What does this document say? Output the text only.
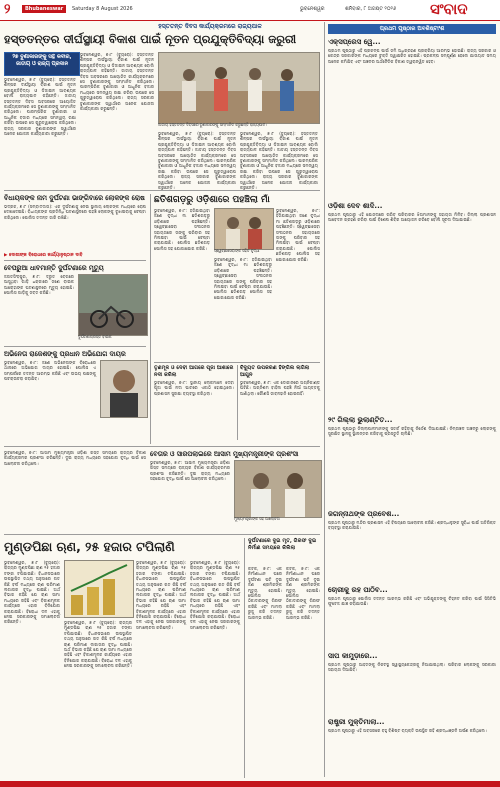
୨	Bhubaneswar	Saturday 8 August 2026	ଭୁବନେଶ୍ୱର	ଶନିବାର, ୮ ଅଗଷ୍ଟ ୨୦୨୬ ସଂବାଦ
ହସ୍ତତନ୍ତ ଦିବସ କାର୍ଯ୍ୟକ୍ରମରେ ରାଜ୍ୟପାଳ
ହସ୍ତତନ୍ତର ଦୀର୍ଘସ୍ଥାୟୀ ବିକାଶ ପାଇଁ ନୂତନ ପ୍ରଯୁକ୍ତିବିଦ୍ୟା ଜରୁରୀ
୨୭ ବୁଣାକାରଙ୍କୁ ସନ୍ଥ କବୀର, ଜାତୀୟ ଓ ରାଜ୍ୟ ପ୍ରଦାନ
ଭୁବନେଶ୍ୱର, ୭।୮ (ବ୍ୟୁରୋ): ହସ୍ତତନ୍ତ ଶିଳ୍ପର ଦୀର୍ଘସ୍ଥାୟୀ ବିକାଶ ପାଇଁ ନୂତନ ପ୍ରଯୁକ୍ତିବିଦ୍ୟା ଓ ଡିଜାଇନ ଆବଶ୍ୟକ ବୋଲି ରାଜ୍ୟପାଳ କହିଛନ୍ତି। ଜାତୀୟ ହସ୍ତତନ୍ତ ଦିବସ ଅବସରରେ ଆୟୋଜିତ କାର୍ଯ୍ୟକ୍ରମରେ ସେ ବୁଣାକାରଙ୍କୁ ସମ୍ମାନିତ କରିଥିଲେ। ପାରମ୍ପରିକ ବୁଣାକାରୀ ଓ ଆଧୁନିକ ବଜାର ମଧ୍ୟରେ ସମନ୍ୱୟ ରକ୍ଷା କରିବା ଉପରେ ସେ ଗୁରୁତ୍ୱାରୋପ କରିଥିଲେ। ରାଜ୍ୟ ସରକାର ବୁଣାକାରଙ୍କ ସ୍ୱାର୍ଥରେ ଅନେକ ଯୋଜନା କାର୍ଯ୍ୟକାରୀ କରୁଛନ୍ତି।
ଭୁବନେଶ୍ୱର, ୭।୮ (ବ୍ୟୁରୋ): ହସ୍ତତନ୍ତ ଶିଳ୍ପର ଦୀର୍ଘସ୍ଥାୟୀ ବିକାଶ ପାଇଁ ନୂତନ ପ୍ରଯୁକ୍ତିବିଦ୍ୟା ଓ ଡିଜାଇନ ଆବଶ୍ୟକ ବୋଲି ରାଜ୍ୟପାଳ କହିଛନ୍ତି। ଜାତୀୟ ହସ୍ତତନ୍ତ ଦିବସ ଅବସରରେ ଆୟୋଜିତ କାର୍ଯ୍ୟକ୍ରମରେ ସେ ବୁଣାକାରଙ୍କୁ ସମ୍ମାନିତ କରିଥିଲେ। ପାରମ୍ପରିକ ବୁଣାକାରୀ ଓ ଆଧୁନିକ ବଜାର ମଧ୍ୟରେ ସମନ୍ୱୟ ରକ୍ଷା କରିବା ଉପରେ ସେ ଗୁରୁତ୍ୱାରୋପ କରିଥିଲେ। ରାଜ୍ୟ ସରକାର ବୁଣାକାରଙ୍କ ସ୍ୱାର୍ଥରେ ଅନେକ ଯୋଜନା କାର୍ଯ୍ୟକାରୀ କରୁଛନ୍ତି।
ଜାତୀୟ ହସ୍ତତନ୍ତ ଦିବସରେ ବୁଣାକାରଙ୍କୁ ସମ୍ମାନିତ କରୁଛନ୍ତି ରାଜ୍ୟପାଳ।
ଭୁବନେଶ୍ୱର, ୭।୮ (ବ୍ୟୁରୋ): ହସ୍ତତନ୍ତ ଶିଳ୍ପର ଦୀର୍ଘସ୍ଥାୟୀ ବିକାଶ ପାଇଁ ନୂତନ ପ୍ରଯୁକ୍ତିବିଦ୍ୟା ଓ ଡିଜାଇନ ଆବଶ୍ୟକ ବୋଲି ରାଜ୍ୟପାଳ କହିଛନ୍ତି। ଜାତୀୟ ହସ୍ତତନ୍ତ ଦିବସ ଅବସରରେ ଆୟୋଜିତ କାର୍ଯ୍ୟକ୍ରମରେ ସେ ବୁଣାକାରଙ୍କୁ ସମ୍ମାନିତ କରିଥିଲେ। ପାରମ୍ପରିକ ବୁଣାକାରୀ ଓ ଆଧୁନିକ ବଜାର ମଧ୍ୟରେ ସମନ୍ୱୟ ରକ୍ଷା କରିବା ଉପରେ ସେ ଗୁରୁତ୍ୱାରୋପ କରିଥିଲେ। ରାଜ୍ୟ ସରକାର ବୁଣାକାରଙ୍କ ସ୍ୱାର୍ଥରେ ଅନେକ ଯୋଜନା କାର୍ଯ୍ୟକାରୀ କରୁଛନ୍ତି।
ଭୁବନେଶ୍ୱର, ୭।୮ (ବ୍ୟୁରୋ): ହସ୍ତତନ୍ତ ଶିଳ୍ପର ଦୀର୍ଘସ୍ଥାୟୀ ବିକାଶ ପାଇଁ ନୂତନ ପ୍ରଯୁକ୍ତିବିଦ୍ୟା ଓ ଡିଜାଇନ ଆବଶ୍ୟକ ବୋଲି ରାଜ୍ୟପାଳ କହିଛନ୍ତି। ଜାତୀୟ ହସ୍ତତନ୍ତ ଦିବସ ଅବସରରେ ଆୟୋଜିତ କାର୍ଯ୍ୟକ୍ରମରେ ସେ ବୁଣାକାରଙ୍କୁ ସମ୍ମାନିତ କରିଥିଲେ। ପାରମ୍ପରିକ ବୁଣାକାରୀ ଓ ଆଧୁନିକ ବଜାର ମଧ୍ୟରେ ସମନ୍ୱୟ ରକ୍ଷା କରିବା ଉପରେ ସେ ଗୁରୁତ୍ୱାରୋପ କରିଥିଲେ। ରାଜ୍ୟ ସରକାର ବୁଣାକାରଙ୍କ ସ୍ୱାର୍ଥରେ ଅନେକ ଯୋଜନା କାର୍ଯ୍ୟକାରୀ କରୁଛନ୍ତି।
ପ୍ରଥମ ପୃଷ୍ଠାର ଅବଶିଷ୍ଟାଂଶ
ଏକ୍ସପ୍ରେସ ୱେ...
ପ୍ରଥମ ପୃଷ୍ଠାରୁ ଏହି ପ୍ରକଳ୍ପ ପାଇଁ ଜମି ଅଧିଗ୍ରହଣ ପ୍ରକ୍ରିୟା ଆରମ୍ଭ ହୋଇଛି। ରାଜ୍ୟ ସରକାର ଓ କେନ୍ଦ୍ର ସରକାରଙ୍କ ମଧ୍ୟରେ ଚୁକ୍ତି ସ୍ୱାକ୍ଷରିତ ହୋଇଛି। ପ୍ରକଳ୍ପ ସମ୍ପୂର୍ଣ୍ଣ ହେଲେ ଯାତାୟାତ ସମୟ ଅନେକ କମିଯିବ ଏବଂ ଅଞ୍ଚଳର ଅର୍ଥନୈତିକ ବିକାଶ ତ୍ୱରାନ୍ୱିତ ହେବ।
ଓଡ଼ିଶା ଦେବ ଶାଦି...
ପ୍ରଥମ ପୃଷ୍ଠାରୁ ଏହି ଯୋଜନାରେ ଗରିବ ପରିବାରର ଝିଅମାନଙ୍କୁ ସହାୟତା ମିଳିବ। ଜିଲ୍ଲା ପ୍ରଶାସନ ଆବେଦନ ଗ୍ରହଣ କରିବା ପାଇଁ ବିଶେଷ ଶିବିର ଆୟୋଜନ କରିବେ ବୋଲି ସୂଚନା ଦିଆଯାଇଛି।
୨୯ ଗିଲ୍ଲା ଭୁଲାଣ୍ଟିତ...
ପ୍ରଥମ ପୃଷ୍ଠାରୁ ଜିଲ୍ଲାପାଳମାନଙ୍କୁ ସତର୍କ ରହିବାକୁ ନିର୍ଦ୍ଦେଶ ଦିଆଯାଇଛି। ନିମ୍ନାଞ୍ଚଳ ଅଞ୍ଚଳରୁ ଲୋକଙ୍କୁ ସୁରକ୍ଷିତ ସ୍ଥାନକୁ ସ୍ଥାନାନ୍ତର କରିବାକୁ ପ୍ରସ୍ତୁତି ଚାଲିଛି।
ଜଗନ୍ନାଥଙ୍କ ପ୍ରବେଶ...
ପ୍ରଥମ ପୃଷ୍ଠାରୁ ମନ୍ଦିର ପ୍ରଶାସନ ଏହି ବିଷୟରେ ଆଲୋଚନା କରିଛି। ଶ୍ରଦ୍ଧାଳୁଙ୍କ ସୁବିଧା ପାଇଁ ଅତିରିକ୍ତ ବ୍ୟବସ୍ଥା କରାଯାଉଛି।
ଚୋରୀକୁ ରହ ପାଠିବ...
ପ୍ରଥମ ପୃଷ୍ଠାରୁ ପୋଲିସ ତଦନ୍ତ ଆରମ୍ଭ କରିଛି ଏବଂ ଅଭିଯୁକ୍ତଙ୍କୁ ଚିହ୍ନଟ କରିବା ପାଇଁ ସିସିଟିଭି ଫୁଟେଜ ଯାଞ୍ଚ କରାଯାଉଛି।
ସାପ କାମୁଡ଼ାରେ...
ପ୍ରଥମ ପୃଷ୍ଠାରୁ ଆହତଙ୍କୁ ନିକଟସ୍ଥ ସ୍ୱାସ୍ଥ୍ୟକେନ୍ଦ୍ରକୁ ନିଆଯାଇଥିଲା। ପରିବାର ଲୋକଙ୍କୁ ସରକାରୀ ସହାୟତା ଦିଆଯିବ।
ରାଷ୍ଟ୍ରୀ ମୁକ୍ତିମାଲା...
ପ୍ରଥମ ପୃଷ୍ଠାରୁ ଏହି ଅବସରରେ ବହୁ ବିଶିଷ୍ଟ ବ୍ୟକ୍ତି ଉପସ୍ଥିତ ରହି ଶ୍ରଦ୍ଧାଞ୍ଜଳି ଅର୍ପଣ କରିଥିଲେ।
ବିଧାୟକଙ୍କ ନାମ ଦୁର୍ଘଟଣା ଭାଙ୍ଗିବାରେ ଲୋକଙ୍କ ରୋଷ
ଭଦ୍ରକ, ୭।୮ (ସମ୍ବାଦଦାତା): ଏକ ଦୁର୍ଘଟଣାକୁ ନେଇ ସ୍ଥାନୀୟ ଲୋକଙ୍କ ମଧ୍ୟରେ ରୋଷ ଦେଖାଦେଇଛି। ବିଧାୟକଙ୍କ ପ୍ରତିନିଧି ଘଟଣାସ୍ଥଳରେ ପହଞ୍ଚି ଲୋକଙ୍କୁ ବୁଝାଇବାକୁ ଚେଷ୍ଟା କରିଥିଲେ। ପୋଲିସ ତଦନ୍ତ ଜାରି ରଖିଛି।
▶ ଦୋଷୀଙ୍କ ବିରୋଧରେ କାର୍ଯ୍ୟାନୁଷ୍ଠାନ ଦାବି
ବେପରୁଆ ଧାବମାନ୍ତି ଦୁର୍ଘଟଣାରେ ମୃତ୍ୟୁ
ଜଗତସିଂହପୁର, ୭।୮: ଦ୍ରୁତ ବେଗରେ ଆସୁଥିବା ଗାଡ଼ି ଧକ୍କାରେ ଜଣେ ବାଇକ ଆରୋହୀଙ୍କ ଘଟଣାସ୍ଥଳରେ ମୃତ୍ୟୁ ହୋଇଛି। ପୋଲିସ ଗାଡ଼ିକୁ ଜବତ କରିଛି।
ଦୁର୍ଘଟଣାଗ୍ରସ୍ତ ବାଇକ
ଅଭିନେତା ରାଜେଶଙ୍କୁ ପ୍ରଧାନ ଅଭିଯୋଗ ଦାୟର
ଭୁବନେଶ୍ୱର, ୭।୮: ଜଣେ ଅଭିନେତାଙ୍କ ବିରୋଧରେ ଥାନାରେ ଅଭିଯୋଗ ଦାୟର ହୋଇଛି। ପୋଲିସ ଏ ସମ୍ପର୍କରେ ତଦନ୍ତ ଆରମ୍ଭ କରିଛି ଏବଂ ଉଭୟ ପକ୍ଷଙ୍କୁ ପଚରାଉଚରା କରାଯିବ।
ଛତିଶଗଡ଼ରୁ ଓଡ଼ିଶାରେ ପହଞ୍ଚିଲା ମାଁ
ଭୁବନେଶ୍ୱର, ୭।୮: ହଜିଯାଇଥିବା ଜଣେ ବୃଦ୍ଧା ମା ଛତିଶଗଡ଼ରୁ ଓଡ଼ିଶାରେ ପହଞ୍ଚିଛନ୍ତି। ସ୍ୱେଚ୍ଛାସେବୀ ସଂଗଠନର ସହାୟତାରେ ତାଙ୍କୁ ପରିବାର ସହ ମିଳାଇବା ପାଇଁ ଚେଷ୍ଟା କରାଯାଉଛି। ପୋଲିସ ଛତିଶଗଡ଼ ପୋଲିସ ସହ ଯୋଗାଯୋଗ କରିଛି।	ସ୍ୱେଚ୍ଛାସେବୀଙ୍କ ସହିତ ବୃଦ୍ଧା
ଭୁବନେଶ୍ୱର, ୭।୮: ହଜିଯାଇଥିବା ଜଣେ ବୃଦ୍ଧା ମା ଛତିଶଗଡ଼ରୁ ଓଡ଼ିଶାରେ ପହଞ୍ଚିଛନ୍ତି। ସ୍ୱେଚ୍ଛାସେବୀ ସଂଗଠନର ସହାୟତାରେ ତାଙ୍କୁ ପରିବାର ସହ ମିଳାଇବା ପାଇଁ ଚେଷ୍ଟା କରାଯାଉଛି। ପୋଲିସ ଛତିଶଗଡ଼ ପୋଲିସ ସହ ଯୋଗାଯୋଗ କରିଛି।
ଭୁବନେଶ୍ୱର, ୭।୮: ହଜିଯାଇଥିବା ଜଣେ ବୃଦ୍ଧା ମା ଛତିଶଗଡ଼ରୁ ଓଡ଼ିଶାରେ ପହଞ୍ଚିଛନ୍ତି। ସ୍ୱେଚ୍ଛାସେବୀ ସଂଗଠନର ସହାୟତାରେ ତାଙ୍କୁ ପରିବାର ସହ ମିଳାଇବା ପାଇଁ ଚେଷ୍ଟା କରାଯାଉଛି। ପୋଲିସ ଛତିଶଗଡ଼ ପୋଲିସ ସହ ଯୋଗାଯୋଗ କରିଛି।
ତୃଣମୂଳ ଓ ଦେବୀ ଆଗରେ ପୂଜା ଆଶାରେ ନଦୀ କରିଲା
ଭୁବନେଶ୍ୱର, ୭।୮: ସ୍ଥାନୀୟ ଲୋକମାନେ ଦେବୀ ପୂଜା ପାଇଁ ନଦୀ ଘାଟରେ ଏକାଠି ହୋଇଥିଲେ। ପ୍ରଶାସନ ସୁରକ୍ଷା ବ୍ୟବସ୍ଥା କରିଥିଲା।
ବିଦ୍ୟୁତ ଉପକରଣ ହିଙ୍ଗିଲ ଲାଗିଲା ଆଗୁନ
ଭୁବନେଶ୍ୱର, ୭।୮: ଏକ ଦୋକାନରେ ଅଗ୍ନିକାଣ୍ଡ ଘଟିଛି। ଅଗ୍ନିଶମ ବାହିନୀ ପହଞ୍ଚି ନିଆଁ ଆୟତ୍ତକୁ ଆଣିଥିଲା। କୌଣସି ଜୀବନହାନି ହୋଇନାହିଁ।
ବେତାର ଓ ସାରପଲାଇରେ ଆସାମ ମୁଖ୍ୟମନ୍ତ୍ରୀଙ୍କ ପ୍ରଶଂସା
ଭୁବନେଶ୍ୱର, ୭।୮: ଆସାମ ମୁଖ୍ୟମନ୍ତ୍ରୀ ଓଡ଼ିଶା ଗସ୍ତ ସମୟରେ ରାଜ୍ୟର ବିକାଶ କାର୍ଯ୍ୟକ୍ରମର ପ୍ରଶଂସା କରିଛନ୍ତି। ଦୁଇ ରାଜ୍ୟ ମଧ୍ୟରେ ସହଯୋଗ ବୃଦ୍ଧି ପାଇଁ ସେ ଆଲୋଚନା କରିଥିଲେ।
ମୁଖ୍ୟମନ୍ତ୍ରୀଙ୍କ ସହ ଆଲୋଚନା
ଭୁବନେଶ୍ୱର, ୭।୮: ଆସାମ ମୁଖ୍ୟମନ୍ତ୍ରୀ ଓଡ଼ିଶା ଗସ୍ତ ସମୟରେ ରାଜ୍ୟର ବିକାଶ କାର୍ଯ୍ୟକ୍ରମର ପ୍ରଶଂସା କରିଛନ୍ତି। ଦୁଇ ରାଜ୍ୟ ମଧ୍ୟରେ ସହଯୋଗ ବୃଦ୍ଧି ପାଇଁ ସେ ଆଲୋଚନା କରିଥିଲେ।
ମୁଣ୍ଡପିଛା ଋଣ, ୨୫ ହଜାର ଟପିଲାଣି
ଭୁବନେଶ୍ୱର, ୭।୮ (ବ୍ୟୁରୋ): ରାଜ୍ୟର ମୁଣ୍ଡପିଛା ଋଣ ୨୫ ହଜାର ଟଙ୍କା ଟପିଯାଇଛି। ବିଧାନସଭାରେ ଉପସ୍ଥାପିତ ତଥ୍ୟ ଅନୁସାରେ ଗତ କିଛି ବର୍ଷ ମଧ୍ୟରେ ଋଣ ପରିମାଣ ଲଗାତାର ବୃଦ୍ଧି ପାଇଛି। ଅର୍ଥ ବିଭାଗ କହିଛି ଯେ ଋଣ ସୀମା ମଧ୍ୟରେ ରହିଛି ଏବଂ ବିକାଶମୂଳକ କାର୍ଯ୍ୟରେ ଏହାର ବିନିଯୋଗ କରାଯାଉଛି। ବିରୋଧୀ ଦଳ ଏହାକୁ ନେଇ ସରକାରଙ୍କୁ ସମାଲୋଚନା କରିଛନ୍ତି।	ଭୁବନେଶ୍ୱର, ୭।୮ (ବ୍ୟୁରୋ): ରାଜ୍ୟର ମୁଣ୍ଡପିଛା ଋଣ ୨୫ ହଜାର ଟଙ୍କା ଟପିଯାଇଛି। ବିଧାନସଭାରେ ଉପସ୍ଥାପିତ ତଥ୍ୟ ଅନୁସାରେ ଗତ କିଛି ବର୍ଷ ମଧ୍ୟରେ ଋଣ ପରିମାଣ ଲଗାତାର ବୃଦ୍ଧି ପାଇଛି। ଅର୍ଥ ବିଭାଗ କହିଛି ଯେ ଋଣ ସୀମା ମଧ୍ୟରେ ରହିଛି ଏବଂ ବିକାଶମୂଳକ କାର୍ଯ୍ୟରେ ଏହାର ବିନିଯୋଗ କରାଯାଉଛି। ବିରୋଧୀ ଦଳ ଏହାକୁ ନେଇ ସରକାରଙ୍କୁ ସମାଲୋଚନା କରିଛନ୍ତି।
ଭୁବନେଶ୍ୱର, ୭।୮ (ବ୍ୟୁରୋ): ରାଜ୍ୟର ମୁଣ୍ଡପିଛା ଋଣ ୨୫ ହଜାର ଟଙ୍କା ଟପିଯାଇଛି। ବିଧାନସଭାରେ ଉପସ୍ଥାପିତ ତଥ୍ୟ ଅନୁସାରେ ଗତ କିଛି ବର୍ଷ ମଧ୍ୟରେ ଋଣ ପରିମାଣ ଲଗାତାର ବୃଦ୍ଧି ପାଇଛି। ଅର୍ଥ ବିଭାଗ କହିଛି ଯେ ଋଣ ସୀମା ମଧ୍ୟରେ ରହିଛି ଏବଂ ବିକାଶମୂଳକ କାର୍ଯ୍ୟରେ ଏହାର ବିନିଯୋଗ କରାଯାଉଛି। ବିରୋଧୀ ଦଳ ଏହାକୁ ନେଇ ସରକାରଙ୍କୁ ସମାଲୋଚନା କରିଛନ୍ତି।
ଭୁବନେଶ୍ୱର, ୭।୮ (ବ୍ୟୁରୋ): ରାଜ୍ୟର ମୁଣ୍ଡପିଛା ଋଣ ୨୫ ହଜାର ଟଙ୍କା ଟପିଯାଇଛି। ବିଧାନସଭାରେ ଉପସ୍ଥାପିତ ତଥ୍ୟ ଅନୁସାରେ ଗତ କିଛି ବର୍ଷ ମଧ୍ୟରେ ଋଣ ପରିମାଣ ଲଗାତାର ବୃଦ୍ଧି ପାଇଛି। ଅର୍ଥ ବିଭାଗ କହିଛି ଯେ ଋଣ ସୀମା ମଧ୍ୟରେ ରହିଛି ଏବଂ ବିକାଶମୂଳକ କାର୍ଯ୍ୟରେ ଏହାର ବିନିଯୋଗ କରାଯାଉଛି। ବିରୋଧୀ ଦଳ ଏହାକୁ ନେଇ ସରକାରଙ୍କୁ ସମାଲୋଚନା କରିଛନ୍ତି।
ଦୁର୍ଘଟଣାରେ ଦୁଇ ମୃତ, ଗିରଫ ଦୁଇ ନିର୍ମାଣ ସମୟରେ କିଲିଲା
କଟକ, ୭।୮: ଏକ ନିର୍ମାଣାଧୀନ ଘରେ ଦୁର୍ଘଟଣା ଘଟି ଦୁଇ ଜଣ ଶ୍ରମିକଙ୍କ ମୃତ୍ୟୁ ହୋଇଛି। ପୋଲିସ ଠିକାଦାରଙ୍କୁ ଗିରଫ କରିଛି ଏବଂ ମାମଲା ରୁଜୁ କରି ତଦନ୍ତ ଆରମ୍ଭ କରିଛି।
କଟକ, ୭।୮: ଏକ ନିର୍ମାଣାଧୀନ ଘରେ ଦୁର୍ଘଟଣା ଘଟି ଦୁଇ ଜଣ ଶ୍ରମିକଙ୍କ ମୃତ୍ୟୁ ହୋଇଛି। ପୋଲିସ ଠିକାଦାରଙ୍କୁ ଗିରଫ କରିଛି ଏବଂ ମାମଲା ରୁଜୁ କରି ତଦନ୍ତ ଆରମ୍ଭ କରିଛି।
